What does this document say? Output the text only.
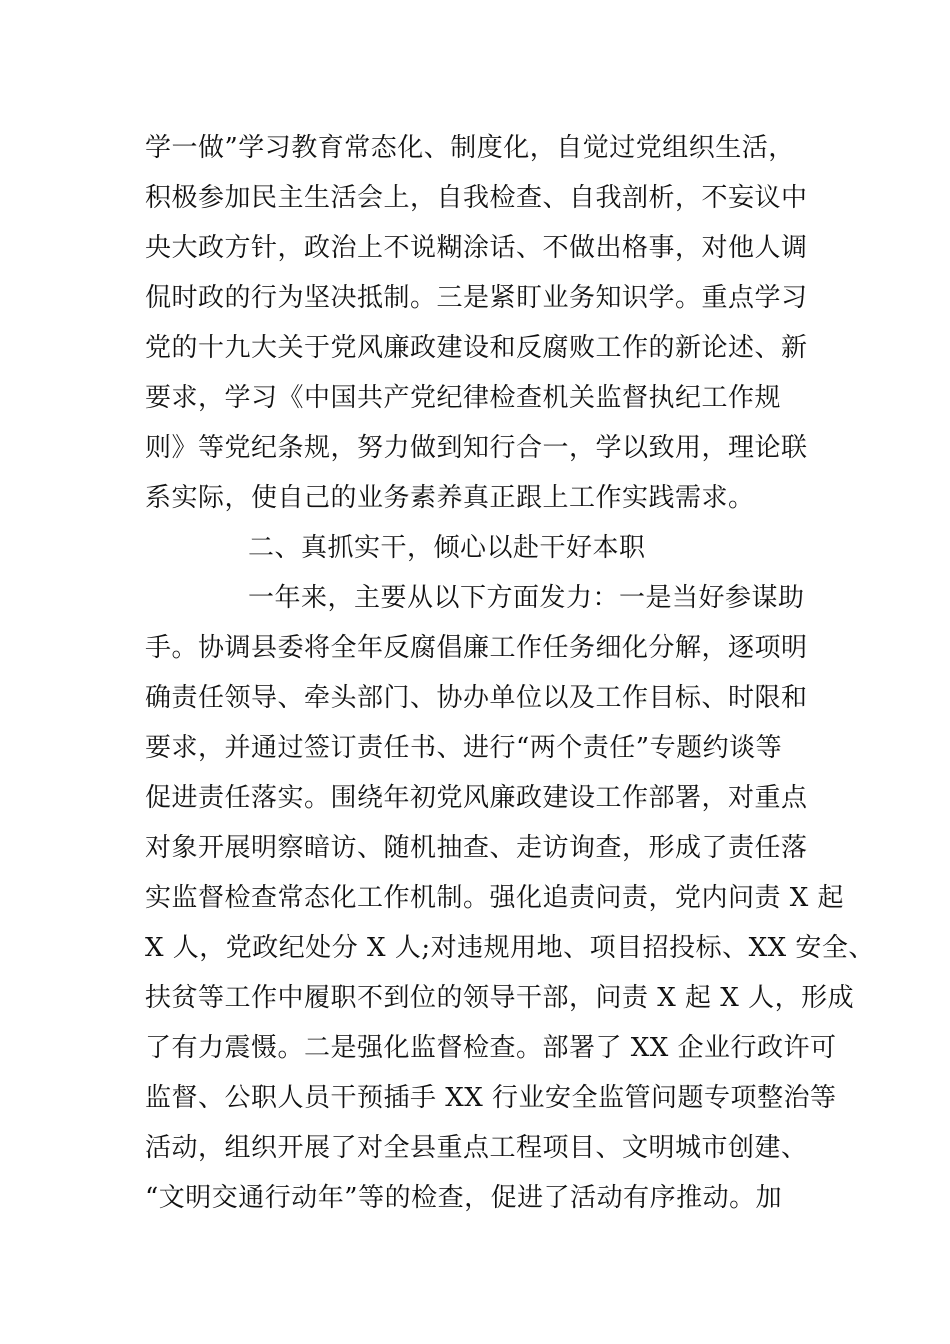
学一做”学习教育常态化、制度化，自觉过党组织生活，
积极参加民主生活会上，自我检查、自我剖析，不妄议中
央大政方针，政治上不说糊涂话、不做出格事，对他人调
侃时政的行为坚决抵制。三是紧盯业务知识学。重点学习
党的十九大关于党风廉政建设和反腐败工作的新论述、新
要求，学习《中国共产党纪律检查机关监督执纪工作规
则》等党纪条规，努力做到知行合一，学以致用，理论联
系实际，使自己的业务素养真正跟上工作实践需求。
二、真抓实干，倾心以赴干好本职
一年来，主要从以下方面发力：一是当好参谋助
手。协调县委将全年反腐倡廉工作任务细化分解，逐项明
确责任领导、牵头部门、协办单位以及工作目标、时限和
要求，并通过签订责任书、进行“两个责任”专题约谈等
促进责任落实。围绕年初党风廉政建设工作部署，对重点
对象开展明察暗访、随机抽查、走访询查，形成了责任落
实监督检查常态化工作机制。强化追责问责，党内问责 X 起
X 人，党政纪处分 X 人;对违规用地、项目招投标、XX 安全、
扶贫等工作中履职不到位的领导干部，问责 X 起 X 人，形成
了有力震慑。二是强化监督检查。部署了 XX 企业行政许可
监督、公职人员干预插手 XX 行业安全监管问题专项整治等
活动，组织开展了对全县重点工程项目、文明城市创建、
“文明交通行动年”等的检查，促进了活动有序推动。加
